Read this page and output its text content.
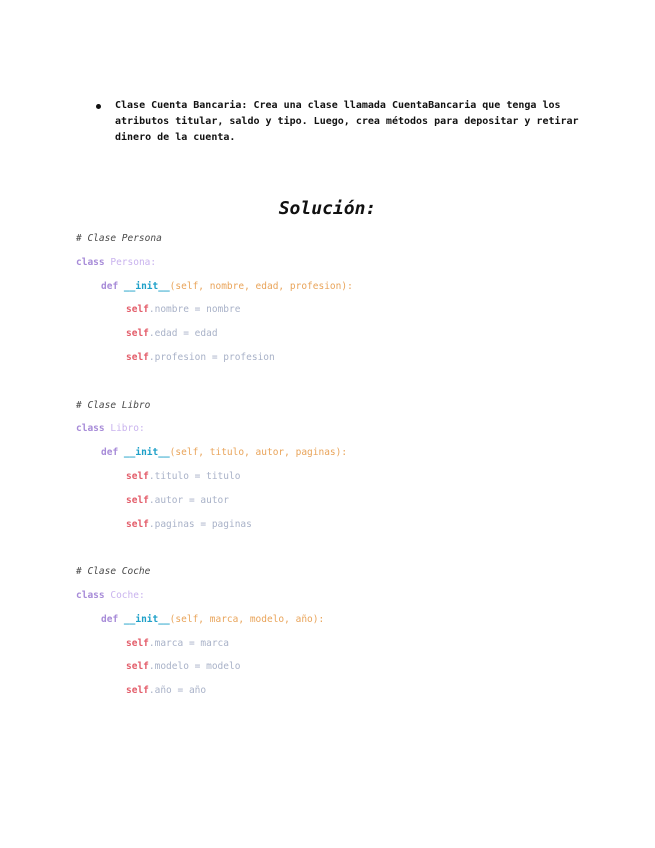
Clase Cuenta Bancaria: Crea una clase llamada CuentaBancaria que tenga los atributos titular, saldo y tipo. Luego, crea métodos para depositar y retirar dinero de la cuenta.
Solución:
# Clase Persona
class Persona:
def __init__(self, nombre, edad, profesion):
self.nombre = nombre
self.edad = edad
self.profesion = profesion
# Clase Libro
class Libro:
def __init__(self, titulo, autor, paginas):
self.titulo = titulo
self.autor = autor
self.paginas = paginas
# Clase Coche
class Coche:
def __init__(self, marca, modelo, año):
self.marca = marca
self.modelo = modelo
self.año = año
